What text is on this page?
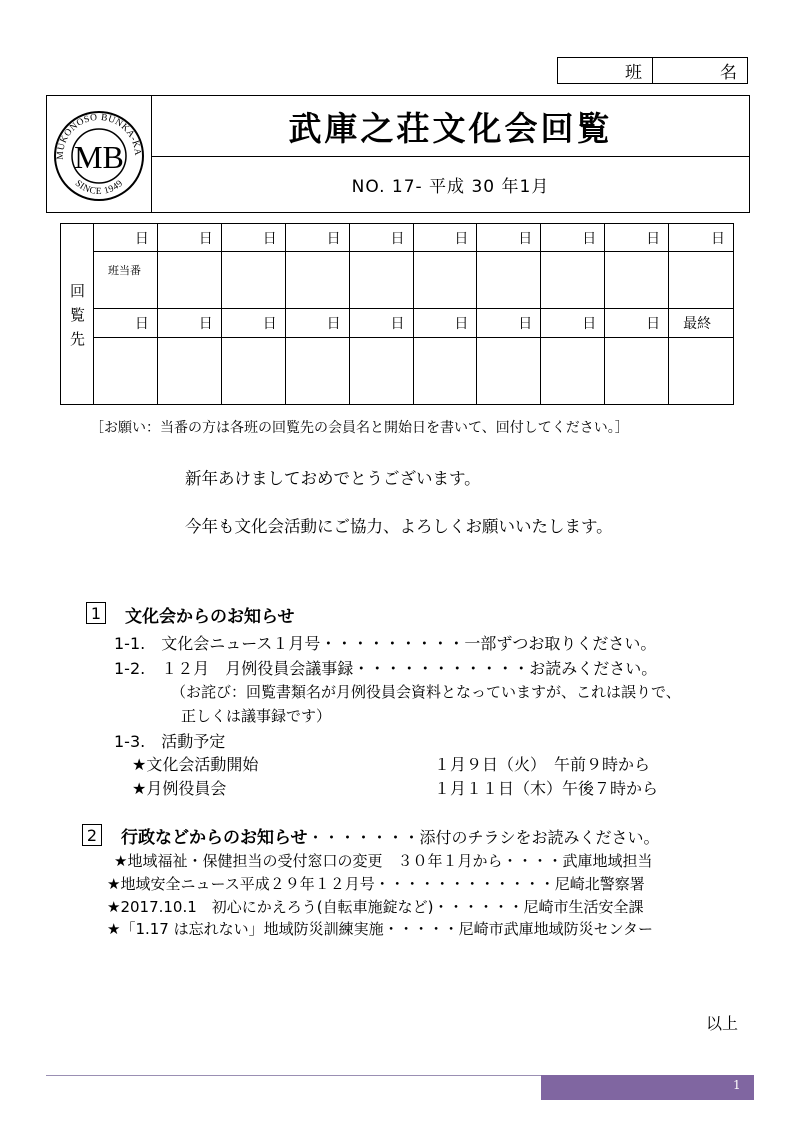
班	名
MB
MUKONOSO BUNKA-KA
SINCE 1949
武庫之荘文化会回覧
NO. 17- 平成 30 年1月
回
覧
先
日	日	日	日	日	日	日	日	日	日
班当番
日	日	日	日	日	日	日	日	日	最終
［お願い：当番の方は各班の回覧先の会員名と開始日を書いて、回付してください。］
新年あけましておめでとうございます。
今年も文化会活動にご協力、よろしくお願いいたします。
1 文化会からのお知らせ
1-1.　文化会ニュース１月号・・・・・・・・・一部ずつお取りください。
1-2.　１２月　月例役員会議事録・・・・・・・・・・・お読みください。
（お詫び：回覧書類名が月例役員会資料となっていますが、これは誤りで、
正しくは議事録です）
1-3.　活動予定
★文化会活動開始	１月９日（火）　午前９時から
★月例役員会	１月１１日（木）午後７時から
2 行政などからのお知らせ・・・・・・・添付のチラシをお読みください。
★地域福祉・保健担当の受付窓口の変更　３０年１月から・・・・武庫地域担当
★地域安全ニュース平成２９年１２月号・・・・・・・・・・・・尼崎北警察署
★2017.10.1　初心にかえろう(自転車施錠など)・・・・・・尼崎市生活安全課
★「1.17 は忘れない」地域防災訓練実施・・・・・尼崎市武庫地域防災センター
以上
1
